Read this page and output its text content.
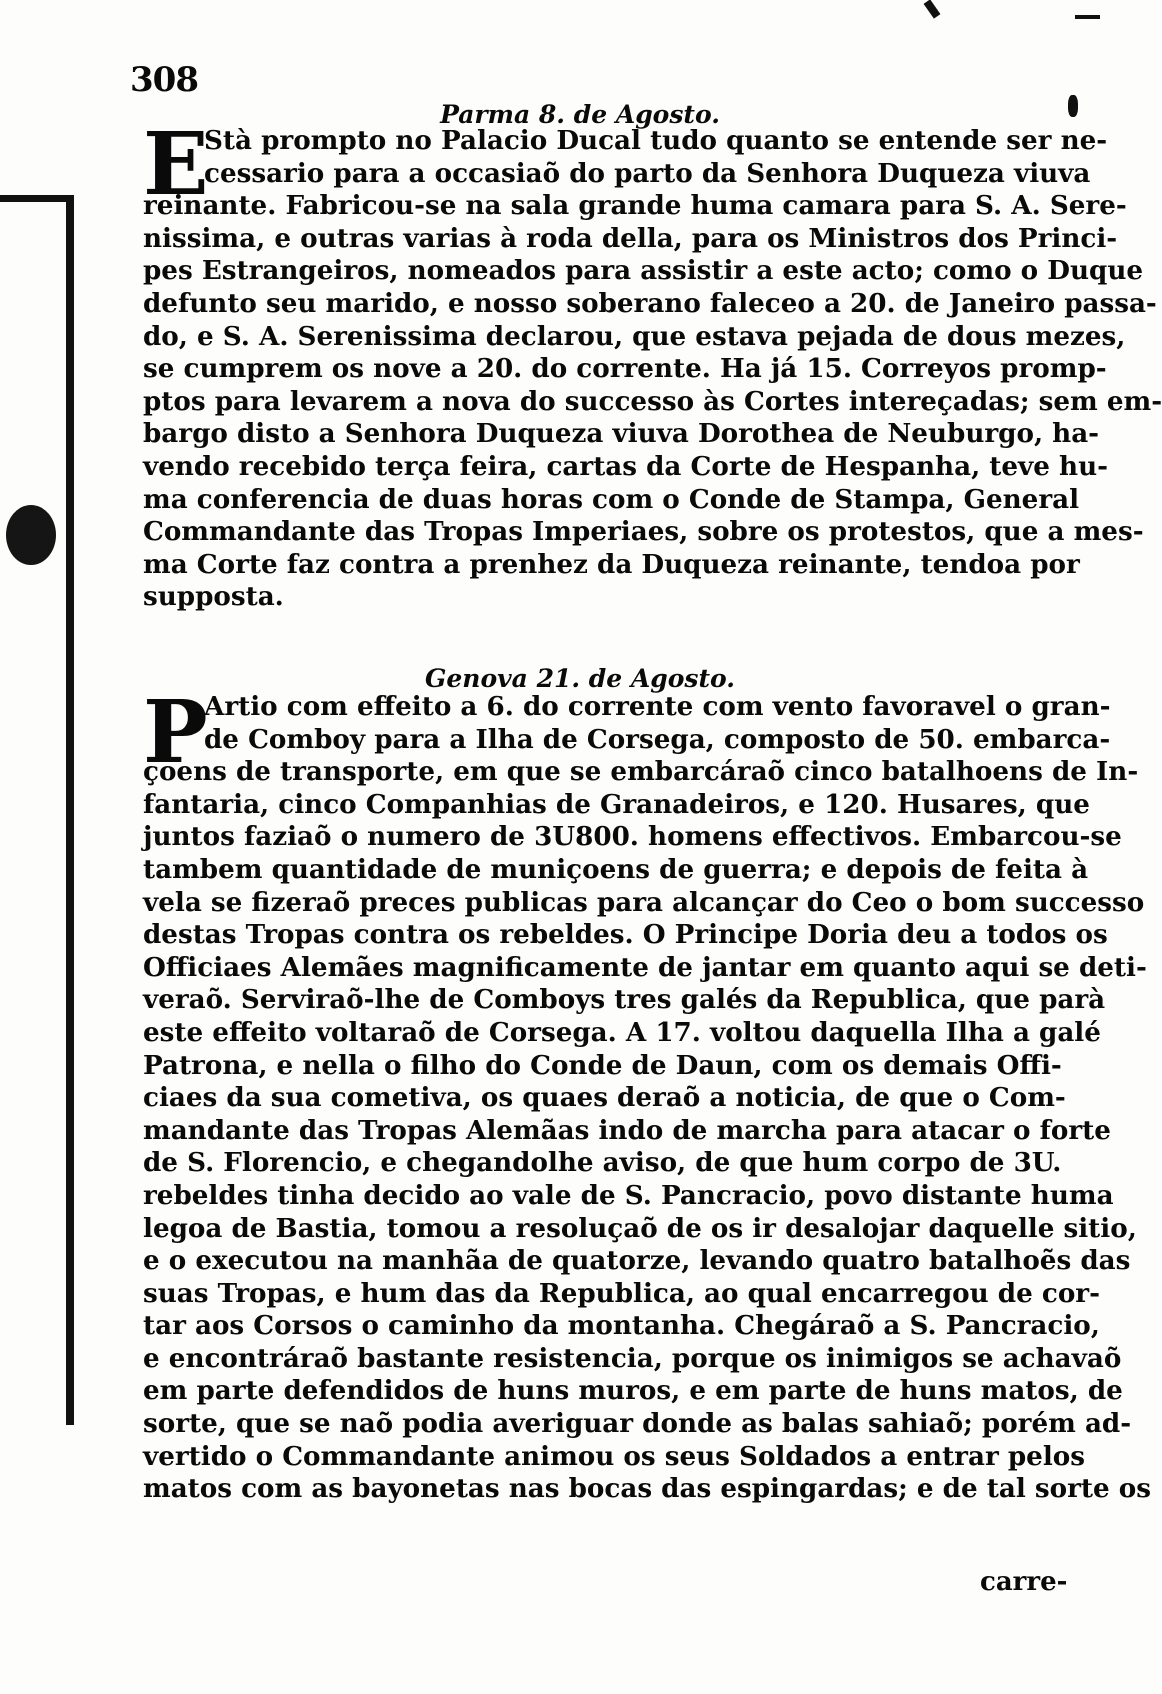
308
Parma 8. de Agosto.
E
Stà prompto no Palacio Ducal tudo quanto se entende ser ne-
cessario para a occasiaõ do parto da Senhora Duqueza viuva
reinante. Fabricou-se na sala grande huma camara para S. A. Sere-
nissima, e outras varias à roda della, para os Ministros dos Princi-
pes Estrangeiros, nomeados para assistir a este acto; como o Duque
defunto seu marido, e nosso soberano faleceo a 20. de Janeiro passa-
do, e S. A. Serenissima declarou, que estava pejada de dous mezes,
se cumprem os nove a 20. do corrente. Ha já 15. Correyos promp-
ptos para levarem a nova do successo às Cortes intereçadas; sem em-
bargo disto a Senhora Duqueza viuva Dorothea de Neuburgo, ha-
vendo recebido terça feira, cartas da Corte de Hespanha, teve hu-
ma conferencia de duas horas com o Conde de Stampa, General
Commandante das Tropas Imperiaes, sobre os protestos, que a mes-
ma Corte faz contra a prenhez da Duqueza reinante, tendoa por
supposta.
Genova 21. de Agosto.
P
Artio com effeito a 6. do corrente com vento favoravel o gran-
de Comboy para a Ilha de Corsega, composto de 50. embarca-
çoens de transporte, em que se embarcáraõ cinco batalhoens de In-
fantaria, cinco Companhias de Granadeiros, e 120. Husares, que
juntos faziaõ o numero de 3U800. homens effectivos. Embarcou-se
tambem quantidade de muniçoens de guerra; e depois de feita à
vela se fizeraõ preces publicas para alcançar do Ceo o bom successo
destas Tropas contra os rebeldes. O Principe Doria deu a todos os
Officiaes Alemães magnificamente de jantar em quanto aqui se deti-
veraõ. Serviraõ-lhe de Comboys tres galés da Republica, que parà
este effeito voltaraõ de Corsega. A 17. voltou daquella Ilha a galé
Patrona, e nella o filho do Conde de Daun, com os demais Offi-
ciaes da sua cometiva, os quaes deraõ a noticia, de que o Com-
mandante das Tropas Alemãas indo de marcha para atacar o forte
de S. Florencio, e chegandolhe aviso, de que hum corpo de 3U.
rebeldes tinha decido ao vale de S. Pancracio, povo distante huma
legoa de Bastia, tomou a resoluçaõ de os ir desalojar daquelle sitio,
e o executou na manhãa de quatorze, levando quatro batalhoẽs das
suas Tropas, e hum das da Republica, ao qual encarregou de cor-
tar aos Corsos o caminho da montanha. Chegáraõ a S. Pancracio,
e encontráraõ bastante resistencia, porque os inimigos se achavaõ
em parte defendidos de huns muros, e em parte de huns matos, de
sorte, que se naõ podia averiguar donde as balas sahiaõ; porém ad-
vertido o Commandante animou os seus Soldados a entrar pelos
matos com as bayonetas nas bocas das espingardas; e de tal sorte os
carre-
